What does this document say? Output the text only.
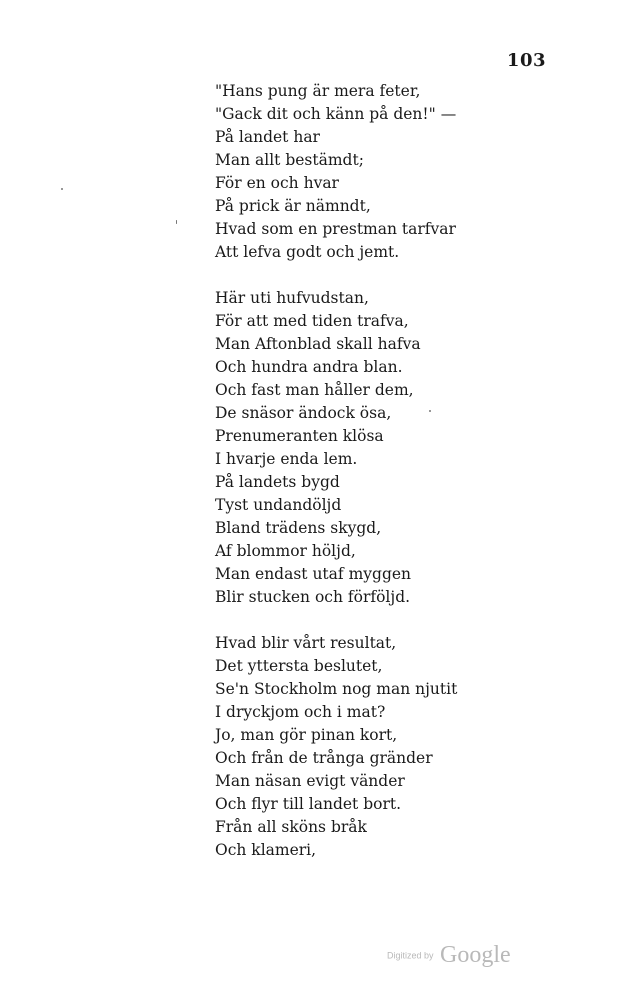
103
"Hans pung är mera feter,
"Gack dit och känn på den!" —
På landet har
Man allt bestämdt;
För en och hvar
På prick är nämndt,
Hvad som en prestman tarfvar
Att lefva godt och jemt.
Här uti hufvudstan,
För att med tiden trafva,
Man Aftonblad skall hafva
Och hundra andra blan.
Och fast man håller dem,
De snäsor ändock ösa,
Prenumeranten klösa
I hvarje enda lem.
På landets bygd
Tyst undandöljd
Bland trädens skygd,
Af blommor höljd,
Man endast utaf myggen
Blir stucken och förföljd.
Hvad blir vårt resultat,
Det yttersta beslutet,
Se'n Stockholm nog man njutit
I dryckjom och i mat?
Jo, man gör pinan kort,
Och från de trånga gränder
Man näsan evigt vänder
Och flyr till landet bort.
Från all sköns bråk
Och klameri,
Digitized by Google
